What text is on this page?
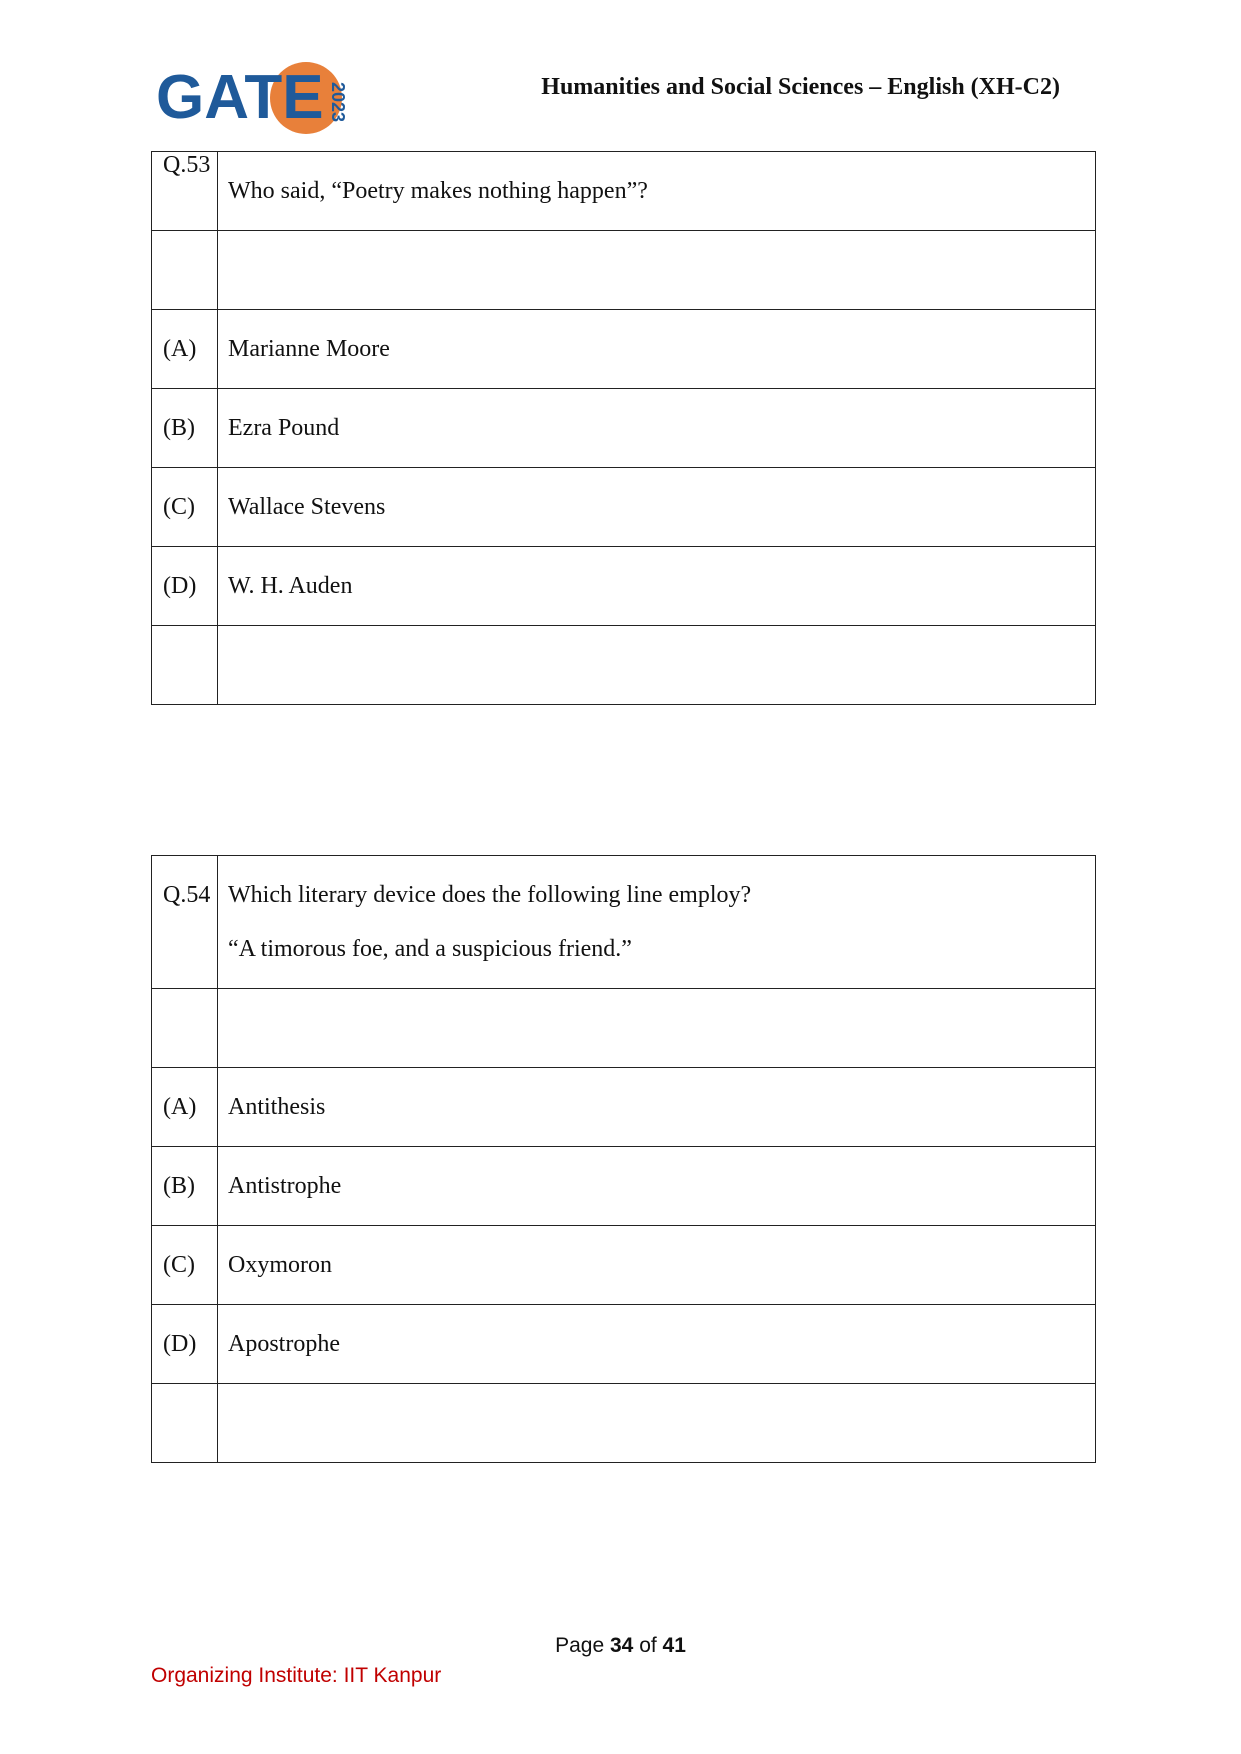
GATE 2023	Humanities and Social Sciences – English (XH-C2)
Q.53	Who said, “Poetry makes nothing happen”?

(A)	Marianne Moore
(B)	Ezra Pound
(C)	Wallace Stevens
(D)	W. H. Auden

Q.54	Which literary device does the following line employ?
“A timorous foe, and a suspicious friend.”

(A)	Antithesis
(B)	Antistrophe
(C)	Oxymoron
(D)	Apostrophe

Page 34 of 41
Organizing Institute: IIT Kanpur
